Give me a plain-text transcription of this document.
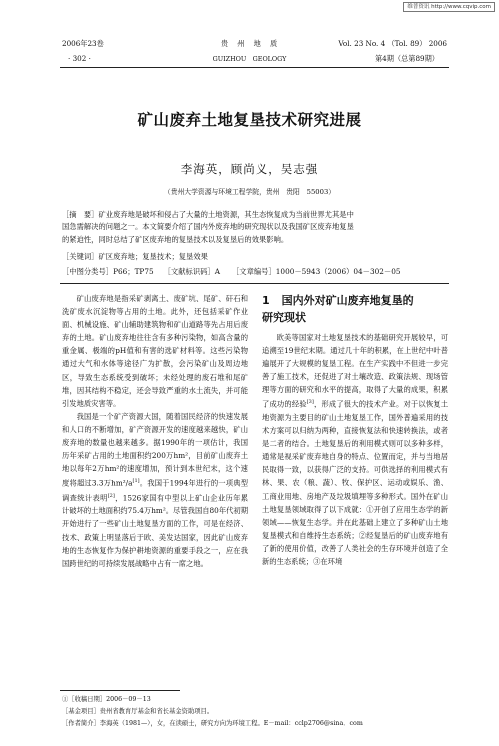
维普资讯 http://www.cqvip.com
2006年23卷
· 302 ·
贵　州　地　质
GUIZHOU　GEOLOGY
Vol. 23 No. 4 （Tol. 89） 2006
第4期（总第89期）
矿山废弃土地复垦技术研究进展
李海英，顾尚义，吴志强
（贵州大学资源与环境工程学院，贵州　贵阳　55003）
［摘　要］矿业废弃地是破坏和侵占了大量的土地资源，其生态恢复成为当前世界尤其是中
国急需解决的问题之一。本文简要介绍了国内外废弃地的研究现状以及我国矿区废弃地复垦
的紧迫性，同时总结了矿区废弃地的复垦技术以及复垦后的效果影响。
［关键词］矿区废弃地；复垦技术；复垦效果
［中图分类号］P66；TP75 ［文献标识码］A ［文章编号］1000－5943（2006）04－302－05

矿山废弃地是指采矿剥离土、废矿坑、尾矿、矸石和洗矿废水沉淀物等占用的土地。此外，还包括采矿作业面、机械设施、矿山辅助建筑物和矿山道路等先占用后废弃的土地。矿山废弃地往往含有多种污染物，如高含量的重金属、极端的pH值和有害的选矿材料等。这些污染物通过大气和水体等途径广为扩散，会污染矿山及周边地区，导致生态系统受到破坏；未经处理的废石堆和尾矿堆，因其结构不稳定，还会导致严重的水土流失，并可能引发地质灾害等。

我国是一个矿产资源大国，随着国民经济的快速发展和人口的不断增加，矿产资源开发的速度越来越快，矿山废弃地的数量也越来越多。据1990年的一项估计，我国历年采矿占用的土地面积约200万hm²，目前矿山废弃土地以每年2万hm²的速度增加，预计到本世纪末，这个速度将超过3.3万hm²/a[1]。我国于1994年进行的一项典型调查统计表明[2]，1526家国有中型以上矿山企业历年累计破坏的土地面积约75.4万hm²。尽管我国自80年代初期开始进行了一些矿山土地复垦方面的工作，可是在经济、技术、政策上明显落后于欧、美发达国家，因此矿山废弃地的生态恢复作为保护耕地资源的重要手段之一，应在我国跨世纪的可持续发展战略中占有一席之地。

1 国内外对矿山废弃地复垦的
研究现状

欧美等国家对土地复垦技术的基础研究开展较早，可追溯至19世纪末期。通过几十年的积累，在上世纪中叶普遍展开了大规模的复垦工程。在生产实践中不但进一步完善了施工技术，还促进了对土壤改造、政策法规、现场管理等方面的研究和水平的提高，取得了大量的成果，积累了成功的经验[3]，形成了很大的技术产业。对于以恢复土地资源为主要目的矿山土地复垦工作，国外普遍采用的技术方案可以归纳为两种，直接恢复法和快速转换法，或者是二者的结合。土地复垦后的利用模式则可以多种多样，通常是视采矿废弃地自身的特点、位置而定，并与当地居民取得一致，以获得广泛的支持。可供选择的利用模式有林、果、农（粮、蔬）、牧、保护区、运动或娱乐、渔、工商业用地、房地产及垃圾填埋等多种形式。国外在矿山土地复垦领域取得了以下成就：①开创了应用生态学的新领域——恢复生态学。并在此基础上建立了多种矿山土地复垦模式和自维持生态系统；②经复垦后的矿山废弃地有了新的使用价值，改善了人类社会的生存环境并创造了全新的生态系统；③在环境

①［收稿日期］2006－09－13
［基金项目］贵州省教育厅基金和省长基金资助项目。
［作者简介］李海英（1981—），女，在读硕士，研究方向为环境工程。E－mail：cclp2706@sina．com
